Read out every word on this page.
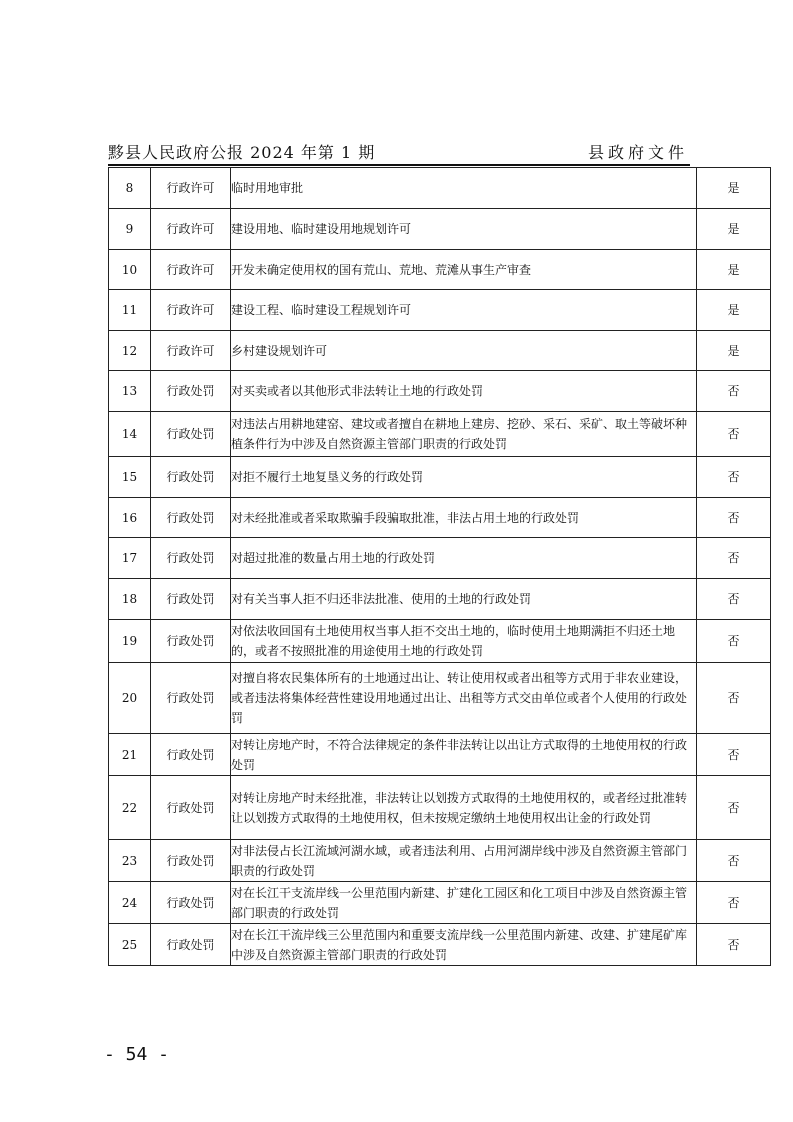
黟县人民政府公报 2024 年第 1 期	县政府文件
8	行政许可	临时用地审批	是
9	行政许可	建设用地、临时建设用地规划许可	是
10	行政许可	开发未确定使用权的国有荒山、荒地、荒滩从事生产审查	是
11	行政许可	建设工程、临时建设工程规划许可	是
12	行政许可	乡村建设规划许可	是
13	行政处罚	对买卖或者以其他形式非法转让土地的行政处罚	否
14	行政处罚	对违法占用耕地建窑、建坟或者擅自在耕地上建房、挖砂、采石、采矿、取土等破坏种植条件行为中涉及自然资源主管部门职责的行政处罚	否
15	行政处罚	对拒不履行土地复垦义务的行政处罚	否
16	行政处罚	对未经批准或者采取欺骗手段骗取批准，非法占用土地的行政处罚	否
17	行政处罚	对超过批准的数量占用土地的行政处罚	否
18	行政处罚	对有关当事人拒不归还非法批准、使用的土地的行政处罚	否
19	行政处罚	对依法收回国有土地使用权当事人拒不交出土地的，临时使用土地期满拒不归还土地的，或者不按照批准的用途使用土地的行政处罚	否
20	行政处罚	对擅自将农民集体所有的土地通过出让、转让使用权或者出租等方式用于非农业建设，或者违法将集体经营性建设用地通过出让、出租等方式交由单位或者个人使用的行政处罚	否
21	行政处罚	对转让房地产时，不符合法律规定的条件非法转让以出让方式取得的土地使用权的行政处罚	否
22	行政处罚	对转让房地产时未经批准，非法转让以划拨方式取得的土地使用权的，或者经过批准转让以划拨方式取得的土地使用权，但未按规定缴纳土地使用权出让金的行政处罚	否
23	行政处罚	对非法侵占长江流域河湖水域，或者违法利用、占用河湖岸线中涉及自然资源主管部门职责的行政处罚	否
24	行政处罚	对在长江干支流岸线一公里范围内新建、扩建化工园区和化工项目中涉及自然资源主管部门职责的行政处罚	否
25	行政处罚	对在长江干流岸线三公里范围内和重要支流岸线一公里范围内新建、改建、扩建尾矿库中涉及自然资源主管部门职责的行政处罚	否
- 54 -
